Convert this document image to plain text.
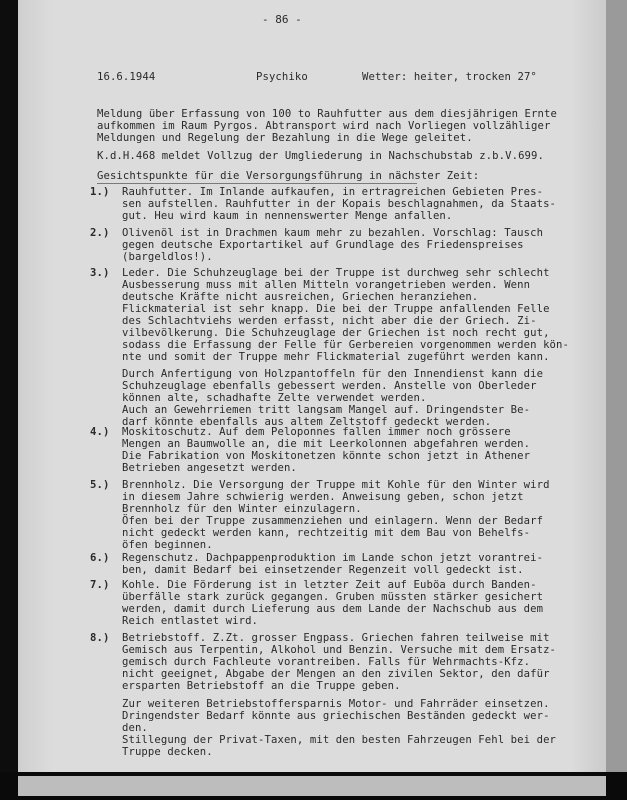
- 86 -
16.6.1944	Psychiko	Wetter: heiter, trocken 27°
Meldung über Erfassung von 100 to Rauhfutter aus dem diesjährigen Ernte
aufkommen im Raum Pyrgos. Abtransport wird nach Vorliegen vollzähliger
Meldungen und Regelung der Bezahlung in die Wege geleitet.
K.d.H.468 meldet Vollzug der Umgliederung in Nachschubstab z.b.V.699.
Gesichtspunkte für die Versorgungsführung in nächster Zeit:
1.) Rauhfutter. Im Inlande aufkaufen, in ertragreichen Gebieten Pres-
sen aufstellen. Rauhfutter in der Kopais beschlagnahmen, da Staats-
gut. Heu wird kaum in nennenswerter Menge anfallen.
2.) Olivenöl ist in Drachmen kaum mehr zu bezahlen. Vorschlag: Tausch
gegen deutsche Exportartikel auf Grundlage des Friedenspreises
(bargeldlos!).
3.) Leder. Die Schuhzeuglage bei der Truppe ist durchweg sehr schlecht
Ausbesserung muss mit allen Mitteln vorangetrieben werden. Wenn
deutsche Kräfte nicht ausreichen, Griechen heranziehen.
Flickmaterial ist sehr knapp. Die bei der Truppe anfallenden Felle
des Schlachtviehs werden erfasst, nicht aber die der Griech. Zi-
vilbevölkerung. Die Schuhzeuglage der Griechen ist noch recht gut,
sodass die Erfassung der Felle für Gerbereien vorgenommen werden kön-
nte und somit der Truppe mehr Flickmaterial zugeführt werden kann.
Durch Anfertigung von Holzpantoffeln für den Innendienst kann die
Schuhzeuglage ebenfalls gebessert werden. Anstelle von Oberleder
können alte, schadhafte Zelte verwendet werden.
Auch an Gewehrriemen tritt langsam Mangel auf. Dringendster Be-
darf könnte ebenfalls aus altem Zeltstoff gedeckt werden.
4.) Moskitoschutz. Auf dem Peloponnes fallen immer noch grössere
Mengen an Baumwolle an, die mit Leerkolonnen abgefahren werden.
Die Fabrikation von Moskitonetzen könnte schon jetzt in Athener
Betrieben angesetzt werden.
5.) Brennholz. Die Versorgung der Truppe mit Kohle für den Winter wird
in diesem Jahre schwierig werden. Anweisung geben, schon jetzt
Brennholz für den Winter einzulagern.
Öfen bei der Truppe zusammenziehen und einlagern. Wenn der Bedarf
nicht gedeckt werden kann, rechtzeitig mit dem Bau von Behelfs-
öfen beginnen.
6.) Regenschutz. Dachpappenproduktion im Lande schon jetzt vorantrei-
ben, damit Bedarf bei einsetzender Regenzeit voll gedeckt ist.
7.) Kohle. Die Förderung ist in letzter Zeit auf Euböa durch Banden-
überfälle stark zurück gegangen. Gruben müssten stärker gesichert
werden, damit durch Lieferung aus dem Lande der Nachschub aus dem
Reich entlastet wird.
8.) Betriebstoff. Z.Zt. grosser Engpass. Griechen fahren teilweise mit
Gemisch aus Terpentin, Alkohol und Benzin. Versuche mit dem Ersatz-
gemisch durch Fachleute vorantreiben. Falls für Wehrmachts-Kfz.
nicht geeignet, Abgabe der Mengen an den zivilen Sektor, den dafür
ersparten Betriebstoff an die Truppe geben.
Zur weiteren Betriebstoffersparnis Motor- und Fahrräder einsetzen.
Dringendster Bedarf könnte aus griechischen Beständen gedeckt wer-
den.
Stillegung der Privat-Taxen, mit den besten Fahrzeugen Fehl bei der
Truppe decken.
